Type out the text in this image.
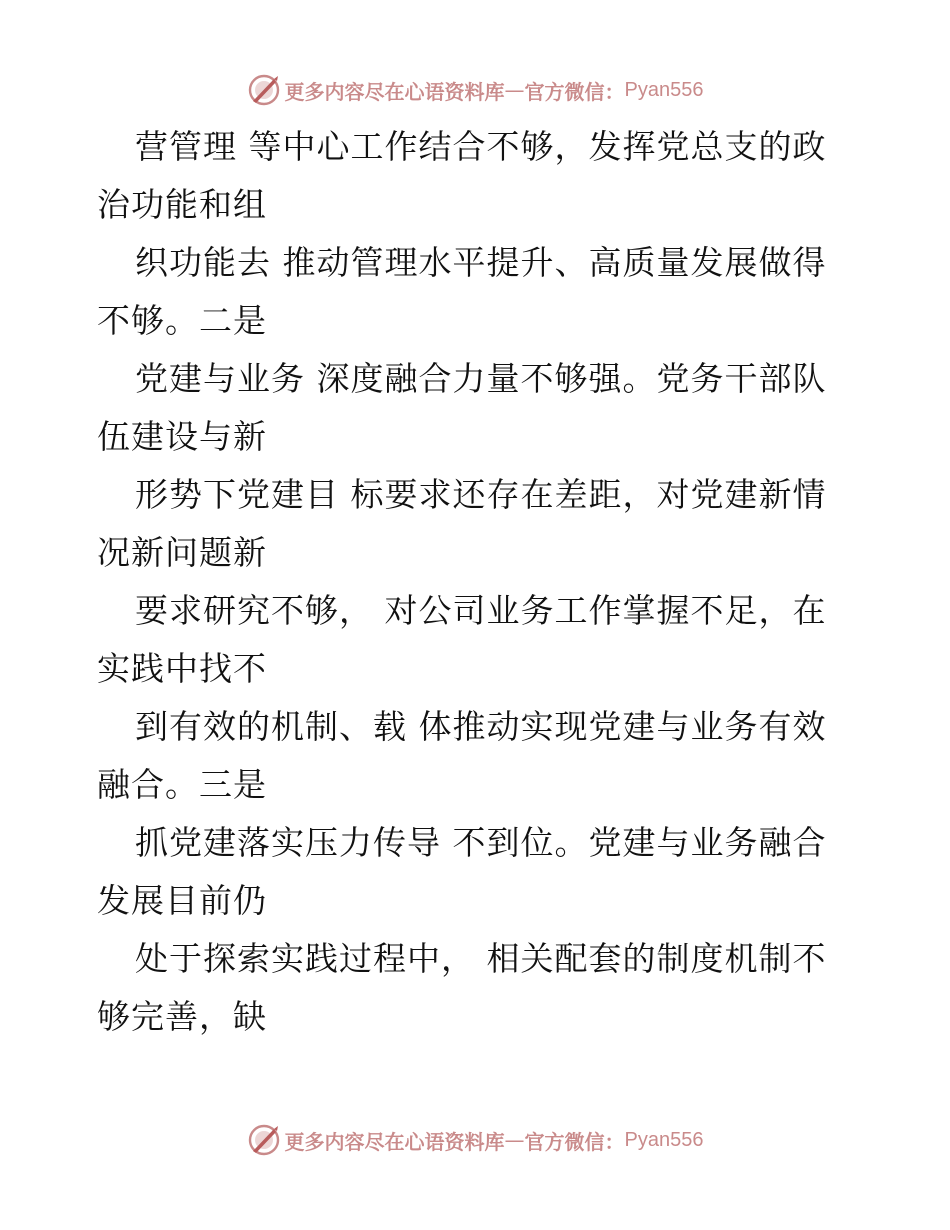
更多内容尽在心语资料库 — 官方微信： Pyan556
营管理 等中心工作结合不够，发挥党总支的政
治功能和组
织功能去 推动管理水平提升、高质量发展做得
不够。二是
党建与业务 深度融合力量不够强。党务干部队
伍建设与新
形势下党建目 标要求还存在差距，对党建新情
况新问题新
要求研究不够， 对公司业务工作掌握不足，在
实践中找不
到有效的机制、载 体推动实现党建与业务有效
融合。三是
抓党建落实压力传导 不到位。党建与业务融合
发展目前仍
处于探索实践过程中， 相关配套的制度机制不
够完善，缺
更多内容尽在心语资料库 — 官方微信： Pyan556
